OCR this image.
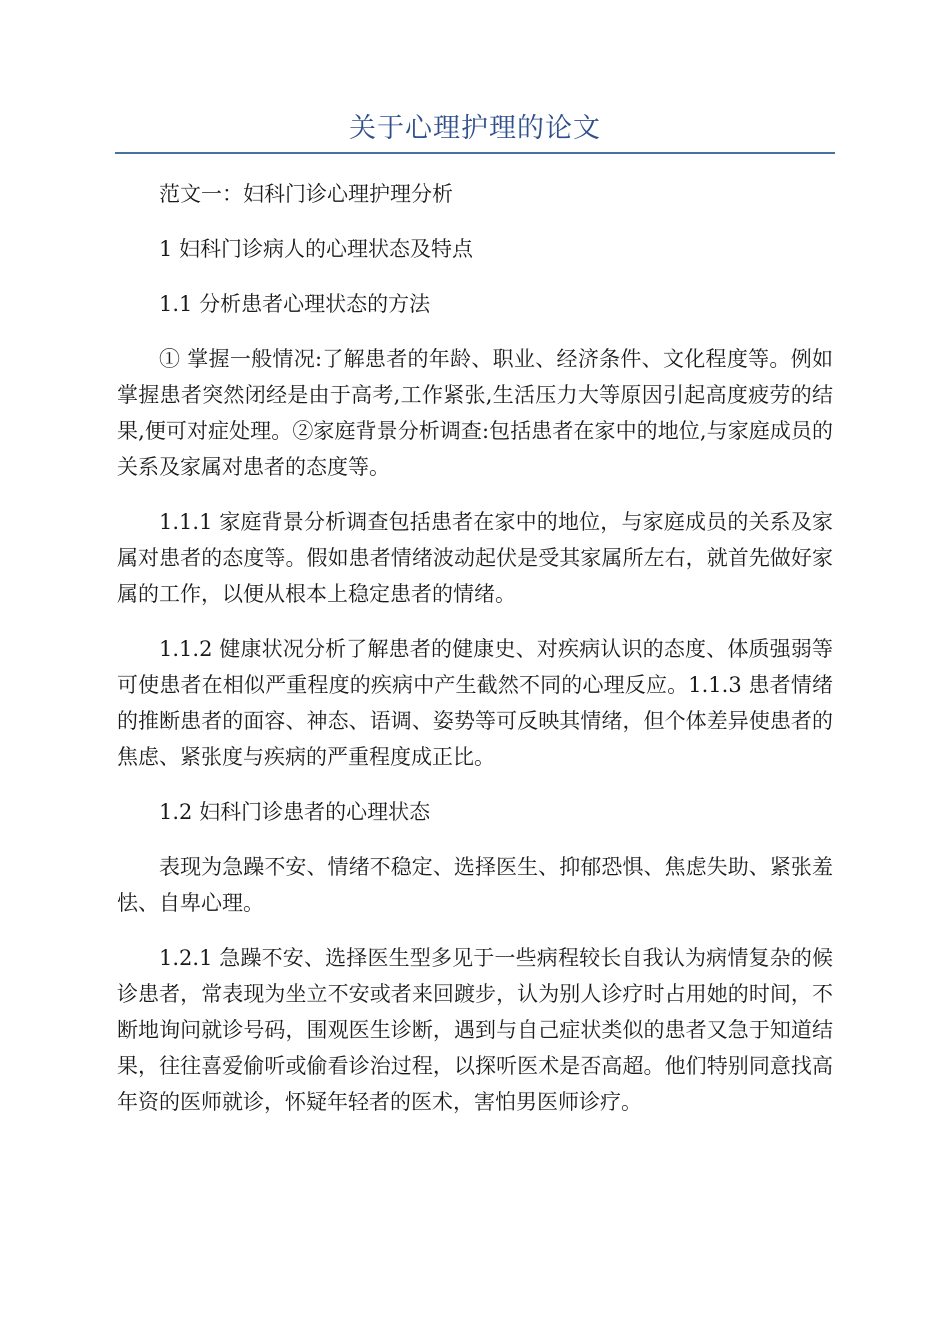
关于心理护理的论文

范文一：妇科门诊心理护理分析

1 妇科门诊病人的心理状态及特点

1.1 分析患者心理状态的方法

① 掌握一般情况:了解患者的年龄、职业、经济条件、文化程度等。例如掌握患者突然闭经是由于高考,工作紧张,生活压力大等原因引起高度疲劳的结果,便可对症处理。②家庭背景分析调查:包括患者在家中的地位,与家庭成员的关系及家属对患者的态度等。

1.1.1 家庭背景分析调查包括患者在家中的地位，与家庭成员的关系及家属对患者的态度等。假如患者情绪波动起伏是受其家属所左右，就首先做好家属的工作，以便从根本上稳定患者的情绪。

1.1.2 健康状况分析了解患者的健康史、对疾病认识的态度、体质强弱等可使患者在相似严重程度的疾病中产生截然不同的心理反应。1.1.3 患者情绪的推断患者的面容、神态、语调、姿势等可反映其情绪，但个体差异使患者的焦虑、紧张度与疾病的严重程度成正比。

1.2 妇科门诊患者的心理状态

表现为急躁不安、情绪不稳定、选择医生、抑郁恐惧、焦虑失助、紧张羞怯、自卑心理。

1.2.1 急躁不安、选择医生型多见于一些病程较长自我认为病情复杂的候诊患者，常表现为坐立不安或者来回踱步，认为别人诊疗时占用她的时间，不断地询问就诊号码，围观医生诊断，遇到与自己症状类似的患者又急于知道结果，往往喜爱偷听或偷看诊治过程，以探听医术是否高超。他们特别同意找高年资的医师就诊，怀疑年轻者的医术，害怕男医师诊疗。
